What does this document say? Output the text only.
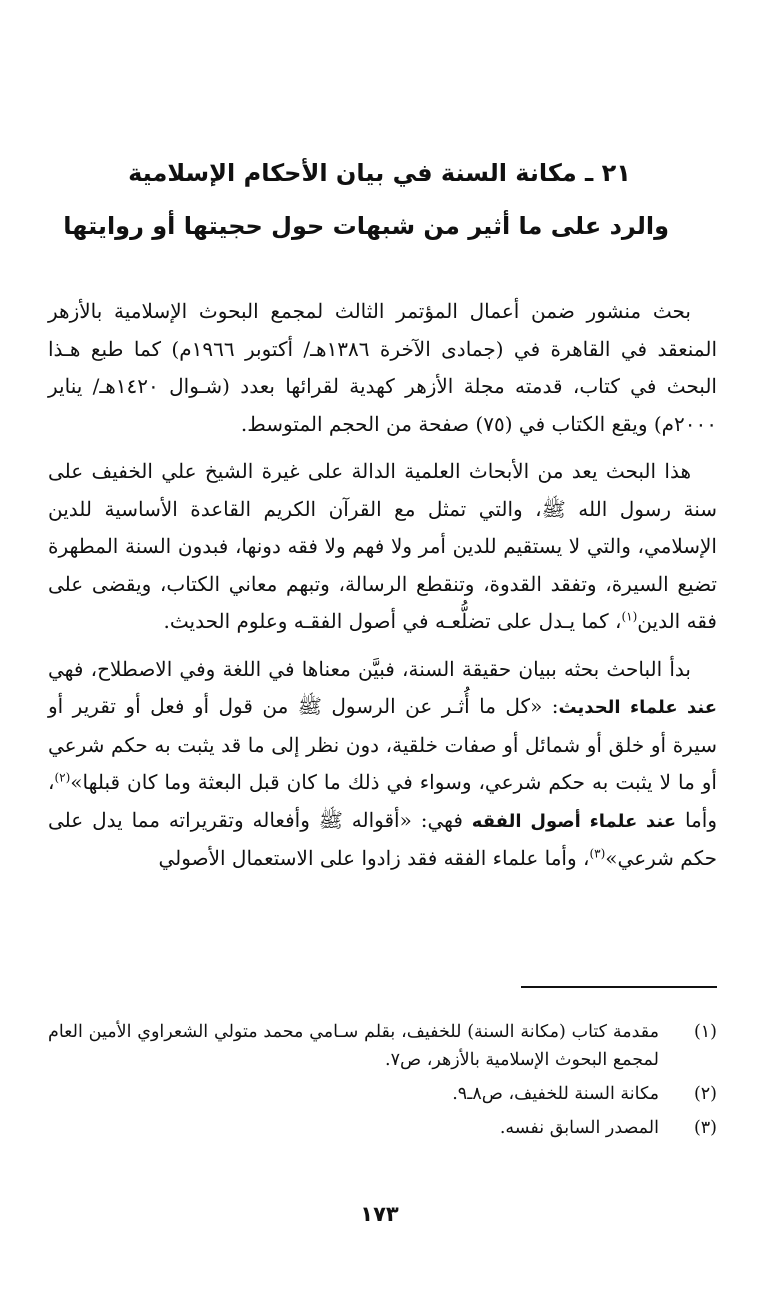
٢١ ـ مكانة السنة في بيان الأحكام الإسلامية
والرد على ما أثير من شبهات حول حجيتها أو روايتها

بحث منشور ضمن أعمال المؤتمر الثالث لمجمع البحوث الإسلامية بالأزهر المنعقد في القاهرة في (جمادى الآخرة ١٣٨٦هـ/ أكتوبر ١٩٦٦م) كما طبع هـذا البحث في كتاب، قدمته مجلة الأزهر كهدية لقرائها بعدد (شـوال ١٤٢٠هـ/ يناير ٢٠٠٠م) ويقع الكتاب في (٧٥) صفحة من الحجم المتوسط.

هذا البحث يعد من الأبحاث العلمية الدالة على غيرة الشيخ علي الخفيف على سنة رسول الله ﷺ، والتي تمثل مع القرآن الكريم القاعدة الأساسية للدين الإسلامي، والتي لا يستقيم للدين أمر ولا فهم ولا فقه دونها، فبدون السنة المطهرة تضيع السيرة، وتفقد القدوة، وتنقطع الرسالة، وتبهم معاني الكتاب، ويقضى على فقه الدين$^{(١)}$، كما يـدل على تضلُّعـه في أصول الفقـه وعلوم الحديث.

بدأ الباحث بحثه ببيان حقيقة السنة، فبيَّن معناها في اللغة وفي الاصطلاح، فهي عند علماء الحديث: «كل ما أُثـر عن الرسول ﷺ من قول أو فعل أو تقرير أو سيرة أو خلق أو شمائل أو صفات خلقية، دون نظر إلى ما قد يثبت به حكم شرعي أو ما لا يثبت به حكم شرعي، وسواء في ذلك ما كان قبل البعثة وما كان قبلها»$^{(٢)}$، وأما عند علماء أصول الفقه فهي: «أقواله ﷺ وأفعاله وتقريراته مما يدل على حكم شرعي»$^{(٣)}$، وأما علماء الفقه فقد زادوا على الاستعمال الأصولي

(١)
مقدمة كتاب (مكانة السنة) للخفيف، بقلم سـامي محمد متولي الشعراوي الأمين العام لمجمع البحوث الإسلامية بالأزهر، ص٧.
(٢)
مكانة السنة للخفيف، ص٨ـ٩.
(٣)
المصدر السابق نفسه.
١٧٣
